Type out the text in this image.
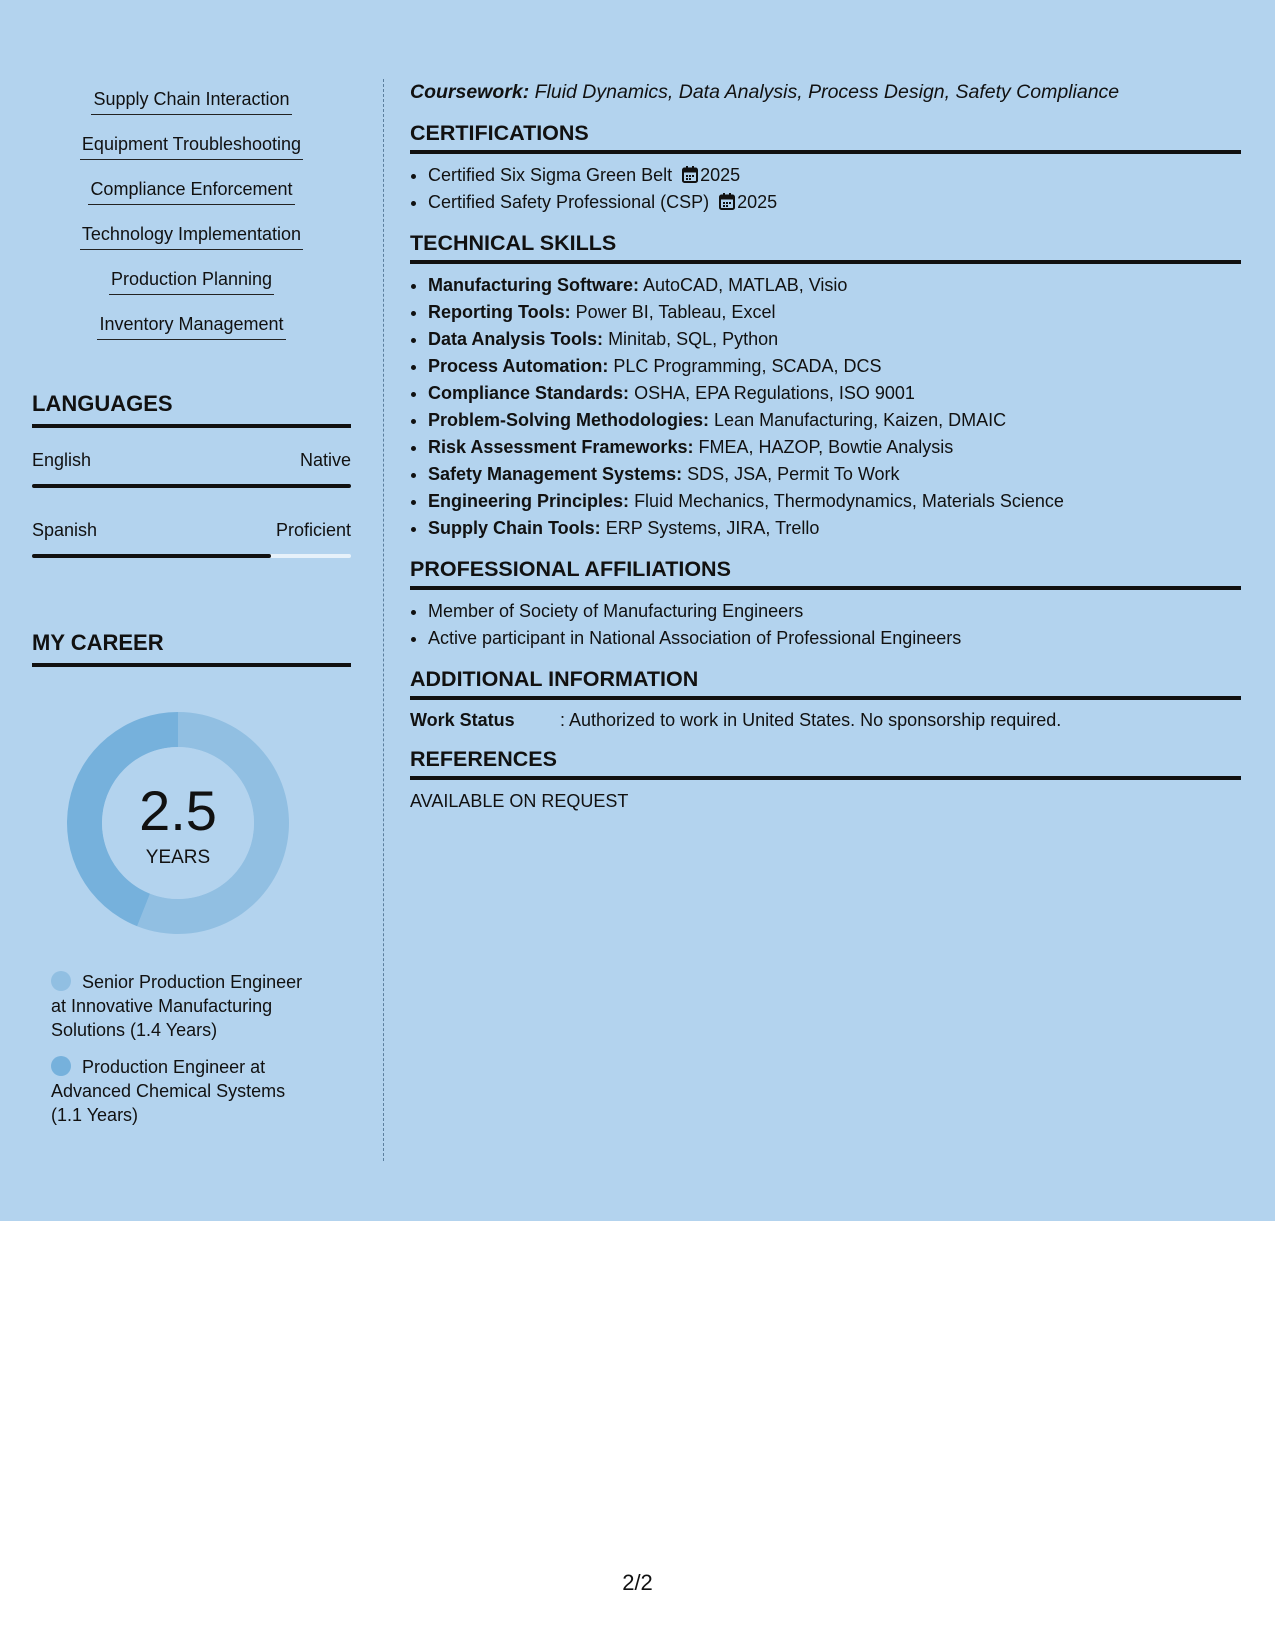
Supply Chain Interaction
Equipment Troubleshooting
Compliance Enforcement
Technology Implementation
Production Planning
Inventory Management
LANGUAGES
English	Native
Spanish	Proficient
MY CAREER
2.5
YEARS
Senior Production Engineer at Innovative Manufacturing Solutions (1.4 Years)
Production Engineer at Advanced Chemical Systems (1.1 Years)
Coursework: Fluid Dynamics, Data Analysis, Process Design, Safety Compliance
CERTIFICATIONS
• Certified Six Sigma Green Belt 2025
• Certified Safety Professional (CSP) 2025
TECHNICAL SKILLS
• Manufacturing Software: AutoCAD, MATLAB, Visio
• Reporting Tools: Power BI, Tableau, Excel
• Data Analysis Tools: Minitab, SQL, Python
• Process Automation: PLC Programming, SCADA, DCS
• Compliance Standards: OSHA, EPA Regulations, ISO 9001
• Problem-Solving Methodologies: Lean Manufacturing, Kaizen, DMAIC
• Risk Assessment Frameworks: FMEA, HAZOP, Bowtie Analysis
• Safety Management Systems: SDS, JSA, Permit To Work
• Engineering Principles: Fluid Mechanics, Thermodynamics, Materials Science
• Supply Chain Tools: ERP Systems, JIRA, Trello
PROFESSIONAL AFFILIATIONS
• Member of Society of Manufacturing Engineers
• Active participant in National Association of Professional Engineers
ADDITIONAL INFORMATION
Work Status	: Authorized to work in United States. No sponsorship required.
REFERENCES
AVAILABLE ON REQUEST
2/2
